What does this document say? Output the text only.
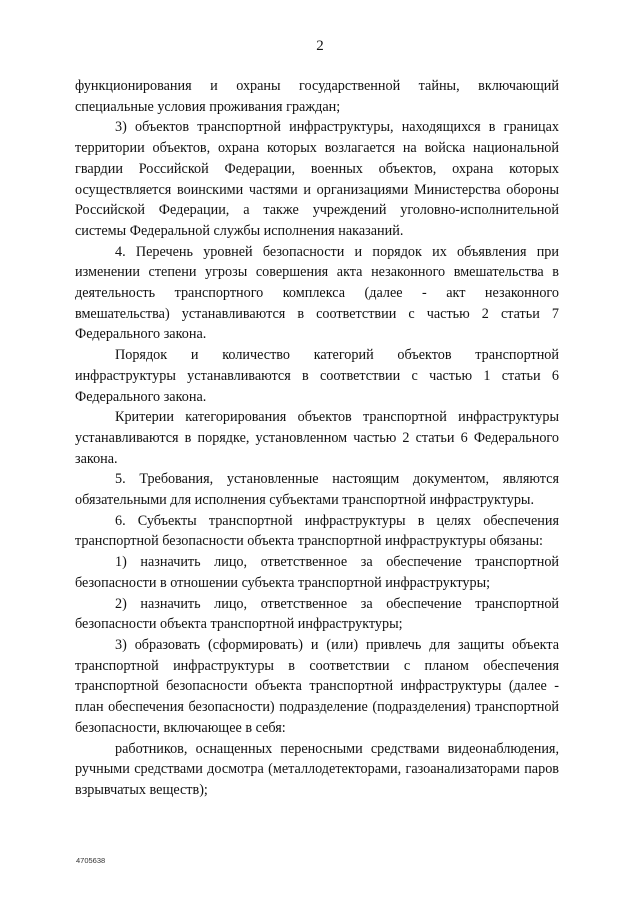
2

функционирования и охраны государственной тайны, включающий специальные условия проживания граждан;

3) объектов транспортной инфраструктуры, находящихся в границах территории объектов, охрана которых возлагается на войска национальной гвардии Российской Федерации, военных объектов, охрана которых осуществляется воинскими частями и организациями Министерства обороны Российской Федерации, а также учреждений уголовно-исполнительной системы Федеральной службы исполнения наказаний.

4. Перечень уровней безопасности и порядок их объявления при изменении степени угрозы совершения акта незаконного вмешательства в деятельность транспортного комплекса (далее - акт незаконного вмешательства) устанавливаются в соответствии с частью 2 статьи 7 Федерального закона.

Порядок и количество категорий объектов транспортной инфраструктуры устанавливаются в соответствии с частью 1 статьи 6 Федерального закона.

Критерии категорирования объектов транспортной инфраструктуры устанавливаются в порядке, установленном частью 2 статьи 6 Федерального закона.

5. Требования, установленные настоящим документом, являются обязательными для исполнения субъектами транспортной инфраструктуры.

6. Субъекты транспортной инфраструктуры в целях обеспечения транспортной безопасности объекта транспортной инфраструктуры обязаны:

1) назначить лицо, ответственное за обеспечение транспортной безопасности в отношении субъекта транспортной инфраструктуры;

2) назначить лицо, ответственное за обеспечение транспортной безопасности объекта транспортной инфраструктуры;

3) образовать (сформировать) и (или) привлечь для защиты объекта транспортной инфраструктуры в соответствии с планом обеспечения транспортной безопасности объекта транспортной инфраструктуры (далее - план обеспечения безопасности) подразделение (подразделения) транспортной безопасности, включающее в себя:

работников, оснащенных переносными средствами видеонаблюдения, ручными средствами досмотра (металлодетекторами, газоанализаторами паров взрывчатых веществ);

4705638
